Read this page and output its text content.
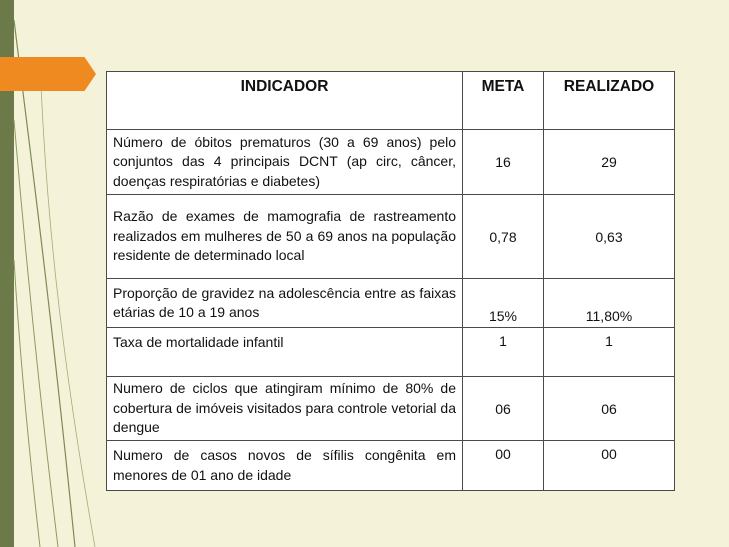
INDICADOR	META	REALIZADO
Número de óbitos prematuros (30 a 69 anos) pelo conjuntos das 4 principais DCNT (ap circ, câncer, doenças respiratórias e diabetes)	16	29
Razão de exames de mamografia de rastreamento realizados em mulheres de 50 a 69 anos na população residente de determinado local	0,78	0,63
Proporção de gravidez na adolescência entre as faixas etárias de 10 a 19 anos	15%	11,80%
Taxa de mortalidade infantil	1	1
Numero de ciclos que atingiram mínimo de 80% de cobertura de imóveis visitados para controle vetorial da dengue	06	06
Numero de casos novos de sífilis congênita em menores de 01 ano de idade	00	00
